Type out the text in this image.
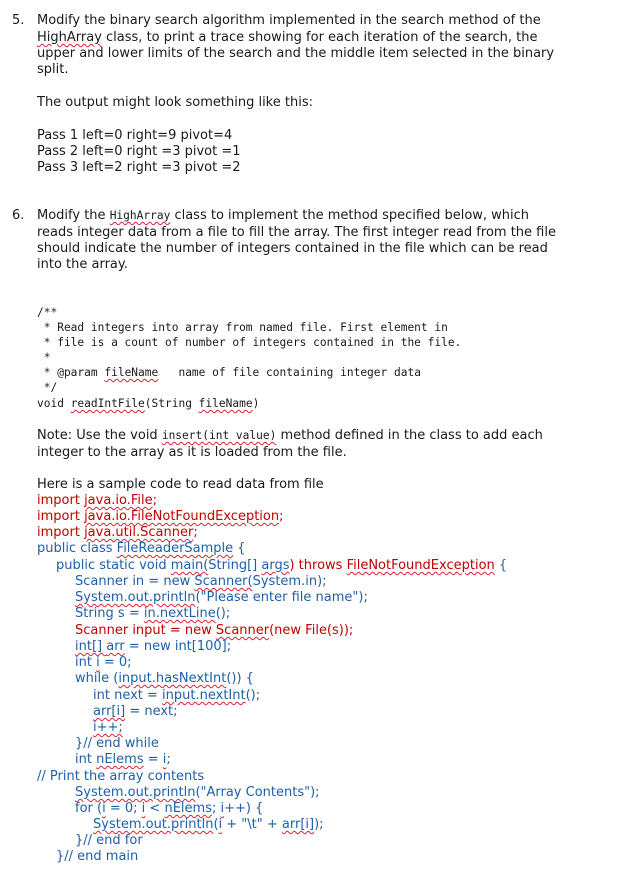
5. Modify the binary search algorithm implemented in the search method of the
HighArray class, to print a trace showing for each iteration of the search, the
upper and lower limits of the search and the middle item selected in the binary
split.
The output might look something like this:
Pass 1 left=0 right=9 pivot=4
Pass 2 left=0 right =3 pivot =1
Pass 3 left=2 right =3 pivot =2
6. Modify the HighArray class to implement the method specified below, which
reads integer data from a file to fill the array. The first integer read from the file
should indicate the number of integers contained in the file which can be read
into the array.
/**
* Read integers into array from named file. First element in
* file is a count of number of integers contained in the file.
*
* @param fileName   name of file containing integer data
*/
void readIntFile(String fileName)
Note: Use the void insert(int value) method defined in the class to add each
integer to the array as it is loaded from the file.
Here is a sample code to read data from file
import java.io.File;
import java.io.FileNotFoundException;
import java.util.Scanner;
public class FileReaderSample {
public static void main(String[] args) throws FileNotFoundException {
Scanner in = new Scanner(System.in);
System.out.println("Please enter file name");
String s = in.nextLine();
Scanner input = new Scanner(new File(s));
int[] arr = new int[100];
int i = 0;
while (input.hasNextInt()) {
int next = input.nextInt();
arr[i] = next;
i++;
}// end while
int nElems = i;
// Print the array contents
System.out.println("Array Contents");
for (i = 0; i < nElems; i++) {
System.out.println(i + "\t" + arr[i]);
}// end for
}// end main
